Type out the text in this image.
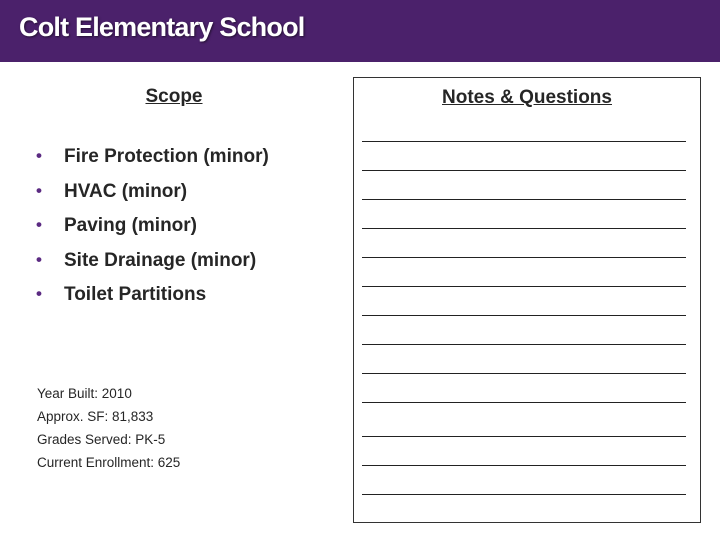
Colt Elementary School
Scope
• Fire Protection (minor)
• HVAC (minor)
• Paving (minor)
• Site Drainage (minor)
• Toilet Partitions
Year Built: 2010
Approx. SF: 81,833
Grades Served: PK-5
Current Enrollment: 625
Notes & Questions
